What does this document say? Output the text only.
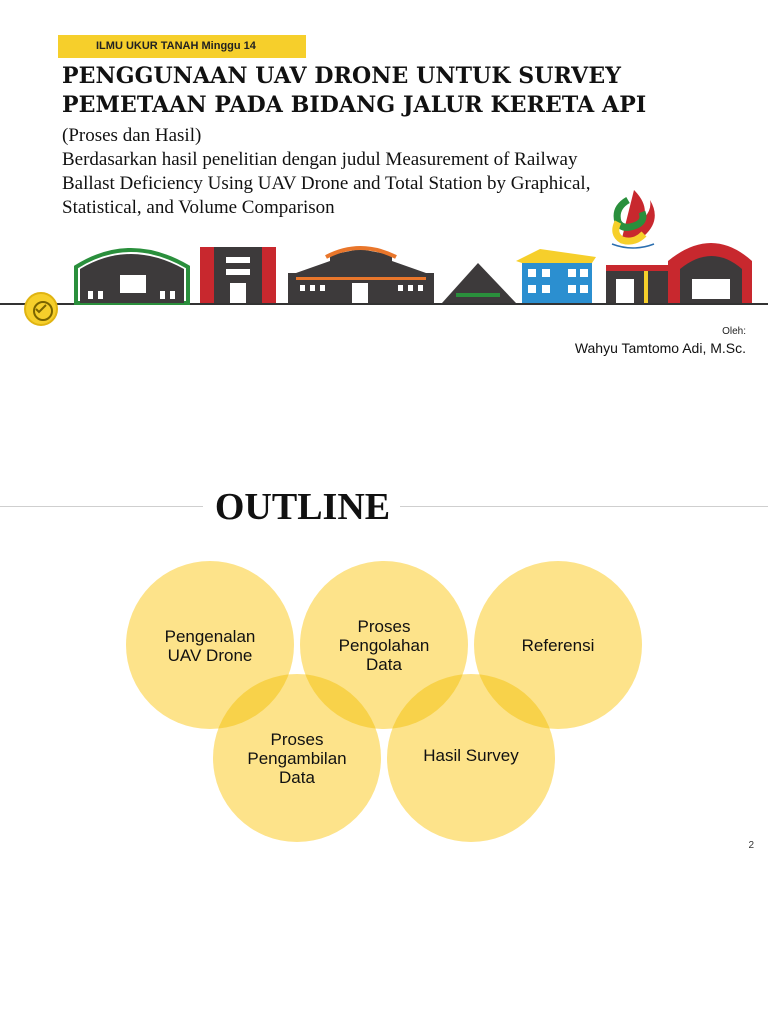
ILMU UKUR TANAH Minggu 14
PENGGUNAAN UAV DRONE UNTUK SURVEY
PEMETAAN PADA BIDANG JALUR KERETA API
(Proses dan Hasil)
Berdasarkan hasil penelitian dengan judul Measurement of Railway
Ballast Deficiency Using UAV Drone and Total Station by Graphical,
Statistical, and Volume Comparison
Oleh:
Wahyu Tamtomo Adi, M.Sc.
OUTLINE
Pengenalan
UAV Drone
Proses
Pengolahan
Data
Referensi
Proses
Pengambilan
Data
Hasil Survey
2
